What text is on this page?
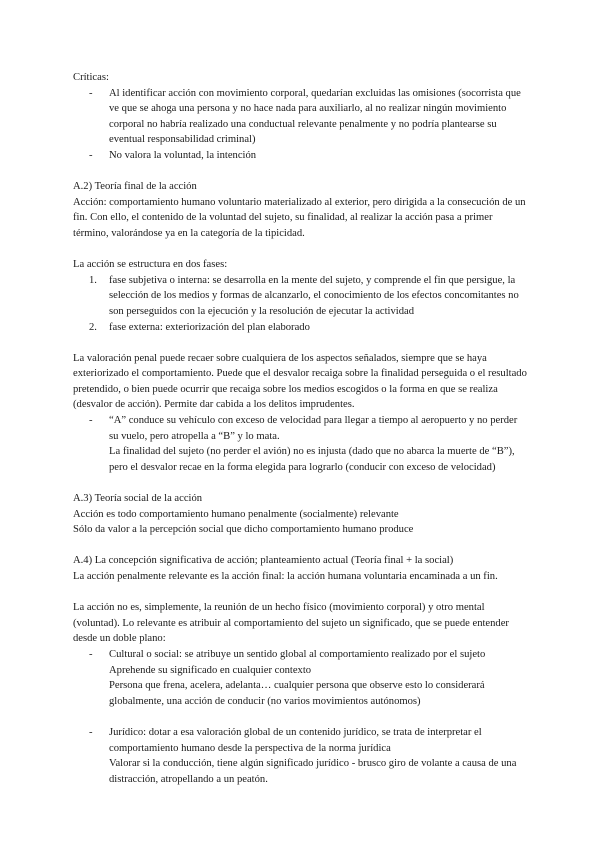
Críticas:

- Al identificar acción con movimiento corporal, quedarían excluidas las omisiones (socorrista que ve que se ahoga una persona y no hace nada para auxiliarlo, al no realizar ningún movimiento corporal no habría realizado una conductual relevante penalmente y no podría plantearse su eventual responsabilidad criminal)

- No valora la voluntad, la intención

A.2) Teoría final de la acción

Acción: comportamiento humano voluntario materializado al exterior, pero dirigida a la consecución de un fin. Con ello, el contenido de la voluntad del sujeto, su finalidad, al realizar la acción pasa a primer término, valorándose ya en la categoría de la tipicidad.

La acción se estructura en dos fases:

1. fase subjetiva o interna: se desarrolla en la mente del sujeto, y comprende el fin que persigue, la selección de los medios y formas de alcanzarlo, el conocimiento de los efectos concomitantes no son perseguidos con la ejecución y la resolución de ejecutar la actividad

2. fase externa: exteriorización del plan elaborado

La valoración penal puede recaer sobre cualquiera de los aspectos señalados, siempre que se haya exteriorizado el comportamiento. Puede que el desvalor recaiga sobre la finalidad perseguida o el resultado pretendido, o bien puede ocurrir que recaiga sobre los medios escogidos o la forma en que se realiza (desvalor de acción). Permite dar cabida a los delitos imprudentes.

- “A” conduce su vehículo con exceso de velocidad para llegar a tiempo al aeropuerto y no perder su vuelo, pero atropella a “B” y lo mata.

La finalidad del sujeto (no perder el avión) no es injusta (dado que no abarca la muerte de “B”), pero el desvalor recae en la forma elegida para lograrlo (conducir con exceso de velocidad)

A.3) Teoría social de la acción

Acción es todo comportamiento humano penalmente (socialmente) relevante

Sólo da valor a la percepción social que dicho comportamiento humano produce

A.4) La concepción significativa de acción; planteamiento actual (Teoría final + la social)

La acción penalmente relevante es la acción final: la acción humana voluntaria encaminada a un fin.

La acción no es, simplemente, la reunión de un hecho físico (movimiento corporal) y otro mental (voluntad). Lo relevante es atribuir al comportamiento del sujeto un significado, que se puede entender desde un doble plano:

- Cultural o social: se atribuye un sentido global al comportamiento realizado por el sujeto

Aprehende su significado en cualquier contexto

Persona que frena, acelera, adelanta… cualquier persona que observe esto lo considerará globalmente, una acción de conducir (no varios movimientos autónomos)

- Jurídico: dotar a esa valoración global de un contenido jurídico, se trata de interpretar el comportamiento humano desde la perspectiva de la norma jurídica

Valorar si la conducción, tiene algún significado jurídico - brusco giro de volante a causa de una distracción, atropellando a un peatón.
